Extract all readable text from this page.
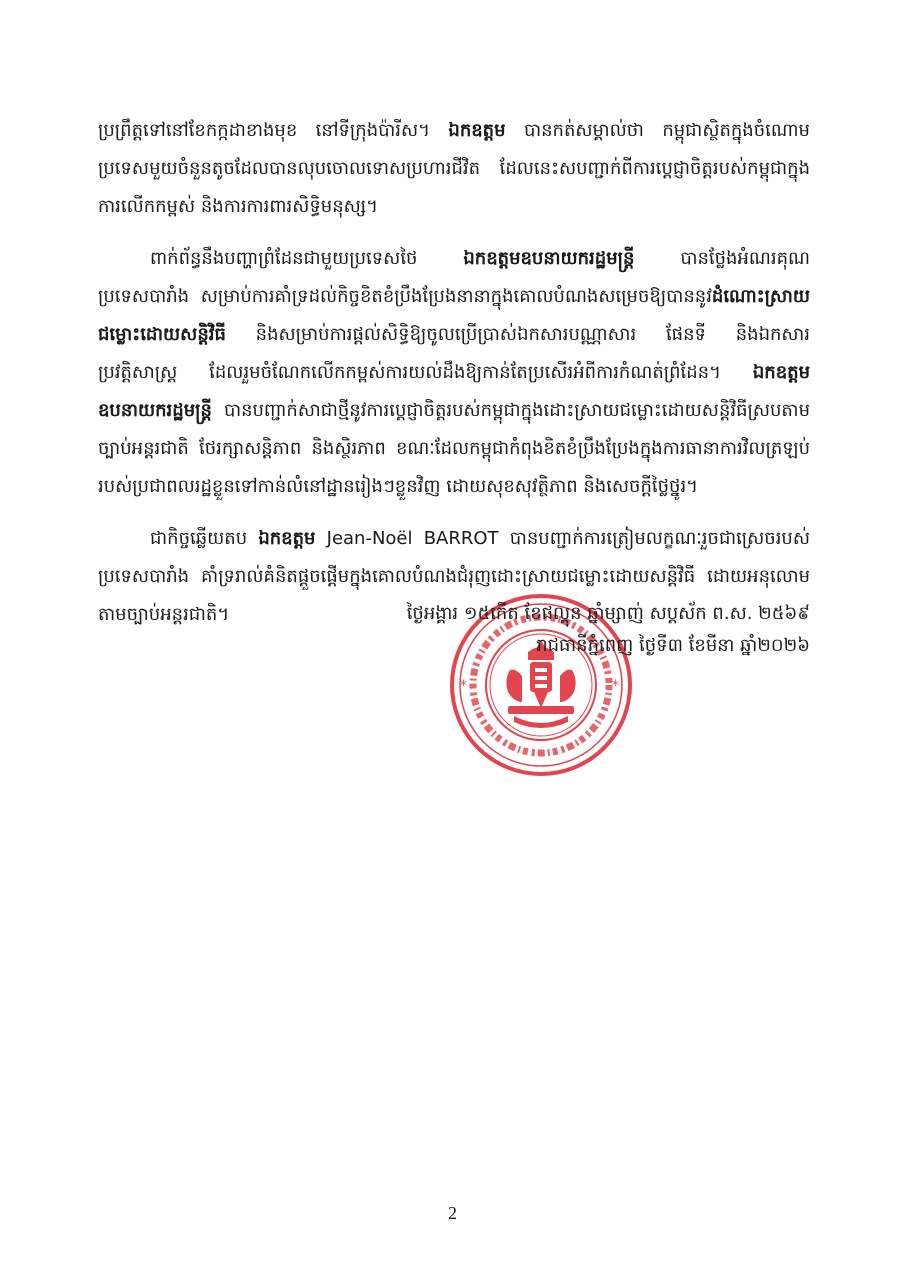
ប្រព្រឹត្តទៅនៅខែកក្កដាខាងមុខ នៅទីក្រុងប៉ារីស។ ឯកឧត្តម បានកត់សម្គាល់ថា កម្ពុជាស្ថិតក្នុងចំណោមប្រទេសមួយចំនួនតូចដែលបានលុបចោលទោសប្រហារជីវិត ដែលនេះសបញ្ជាក់ពីការប្តេជ្ញាចិត្តរបស់កម្ពុជាក្នុងការលើកកម្ពស់ និងការការពារសិទ្ធិមនុស្ស។

ពាក់ព័ន្ធនឹងបញ្ហាព្រំដែនជាមួយប្រទេសថៃ ឯកឧត្តមឧបនាយករដ្ឋមន្ត្រី បានថ្លែងអំណរគុណប្រទេសបារាំង សម្រាប់ការគាំទ្រដល់កិច្ចខិតខំប្រឹងប្រែងនានាក្នុងគោលបំណងសម្រេចឱ្យបាននូវដំណោះស្រាយជម្លោះដោយសន្តិវិធី និងសម្រាប់ការផ្តល់សិទ្ធិឱ្យចូលប្រើប្រាស់ឯកសារបណ្ណាសារ ផែនទី និងឯកសារប្រវត្តិសាស្ត្រ ដែលរួមចំណែកលើកកម្ពស់ការយល់ដឹងឱ្យកាន់តែប្រសើរអំពីការកំណត់ព្រំដែន។ ឯកឧត្តមឧបនាយករដ្ឋមន្ត្រី បានបញ្ជាក់សាជាថ្មីនូវការប្តេជ្ញាចិត្តរបស់កម្ពុជាក្នុងដោះស្រាយជម្លោះដោយសន្តិវិធីស្របតាមច្បាប់អន្តរជាតិ ថែរក្សាសន្តិភាព និងស្ថិរភាព ខណៈដែលកម្ពុជាកំពុងខិតខំប្រឹងប្រែងក្នុងការធានាការវិលត្រឡប់របស់ប្រជាពលរដ្ឋខ្លួនទៅកាន់លំនៅដ្ឋានរៀងៗខ្លួនវិញ ដោយសុខសុវត្ថិភាព និងសេចក្តីថ្លៃថ្នូរ។

ជាកិច្ចឆ្លើយតប ឯកឧត្តម Jean-Noël BARROT បានបញ្ជាក់ការត្រៀមលក្ខណៈរួចជាស្រេចរបស់ប្រទេសបារាំង គាំទ្ររាល់គំនិតផ្តួចផ្តើមក្នុងគោលបំណងជំរុញដោះស្រាយជម្លោះដោយសន្តិវិធី ដោយអនុលោមតាមច្បាប់អន្តរជាតិ។

*	*
ថ្ងៃអង្គារ ១៥កើត ខែផល្គុន ឆ្នាំម្សាញ់ សប្តស័ក ព.ស. ២៥៦៩
រាជធានីភ្នំពេញ ថ្ងៃទី៣ ខែមីនា ឆ្នាំ២០២៦
2
